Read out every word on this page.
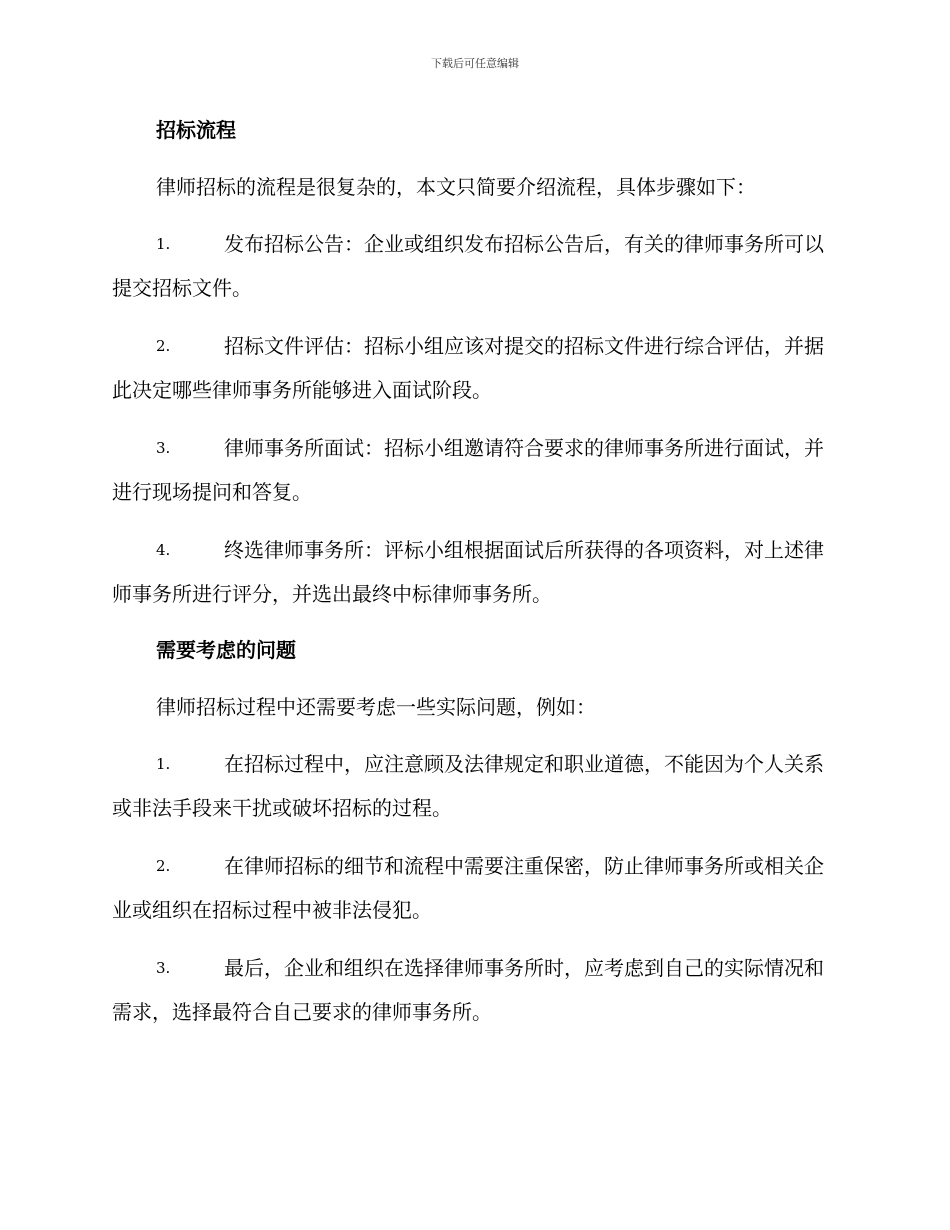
下载后可任意编辑
招标流程
律师招标的流程是很复杂的，本文只简要介绍流程，具体步骤如下：
1.	发布招标公告：企业或组织发布招标公告后，有关的律师事务所可以提交招标文件。
2.	招标文件评估：招标小组应该对提交的招标文件进行综合评估，并据此决定哪些律师事务所能够进入面试阶段。
3.	律师事务所面试：招标小组邀请符合要求的律师事务所进行面试，并进行现场提问和答复。
4.	终选律师事务所：评标小组根据面试后所获得的各项资料，对上述律师事务所进行评分，并选出最终中标律师事务所。
需要考虑的问题
律师招标过程中还需要考虑一些实际问题，例如：
1.	在招标过程中，应注意顾及法律规定和职业道德，不能因为个人关系或非法手段来干扰或破坏招标的过程。
2.	在律师招标的细节和流程中需要注重保密，防止律师事务所或相关企业或组织在招标过程中被非法侵犯。
3.	最后，企业和组织在选择律师事务所时，应考虑到自己的实际情况和需求，选择最符合自己要求的律师事务所。
